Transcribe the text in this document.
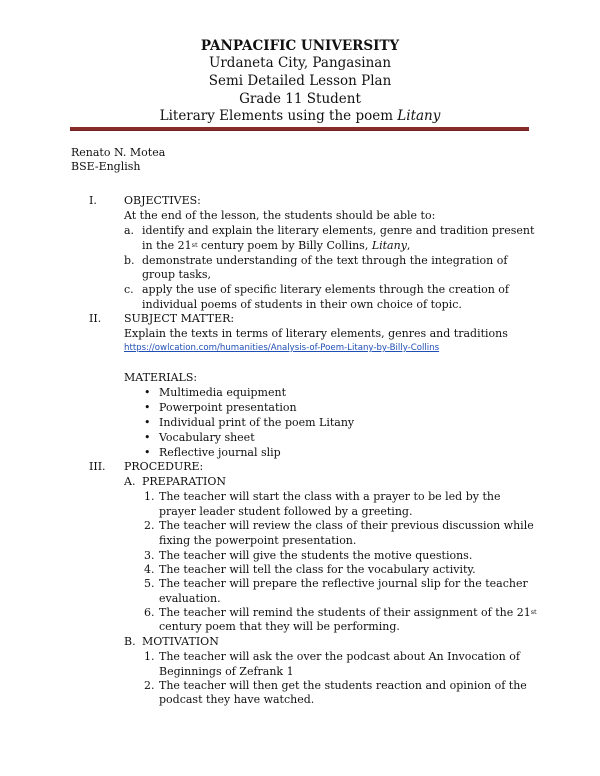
PANPACIFIC UNIVERSITY
Urdaneta City, Pangasinan
Semi Detailed Lesson Plan
Grade 11 Student
Literary Elements using the poem Litany
Renato N. Motea
BSE-English
I. OBJECTIVES:
At the end of the lesson, the students should be able to:
a. identify and explain the literary elements, genre and tradition present
in the 21st century poem by Billy Collins, Litany,
b. demonstrate understanding of the text through the integration of
group tasks,
c. apply the use of specific literary elements through the creation of
individual poems of students in their own choice of topic.
II. SUBJECT MATTER:
Explain the texts in terms of literary elements, genres and traditions
https://owlcation.com/humanities/Analysis-of-Poem-Litany-by-Billy-Collins
MATERIALS:
• Multimedia equipment
• Powerpoint presentation
• Individual print of the poem Litany
• Vocabulary sheet
• Reflective journal slip
III. PROCEDURE:
A. PREPARATION
1. The teacher will start the class with a prayer to be led by the
prayer leader student followed by a greeting.
2. The teacher will review the class of their previous discussion while
fixing the powerpoint presentation.
3. The teacher will give the students the motive questions.
4. The teacher will tell the class for the vocabulary activity.
5. The teacher will prepare the reflective journal slip for the teacher
evaluation.
6. The teacher will remind the students of their assignment of the 21st
century poem that they will be performing.
B. MOTIVATION
1. The teacher will ask the over the podcast about An Invocation of
Beginnings of Zefrank 1
2. The teacher will then get the students reaction and opinion of the
podcast they have watched.
